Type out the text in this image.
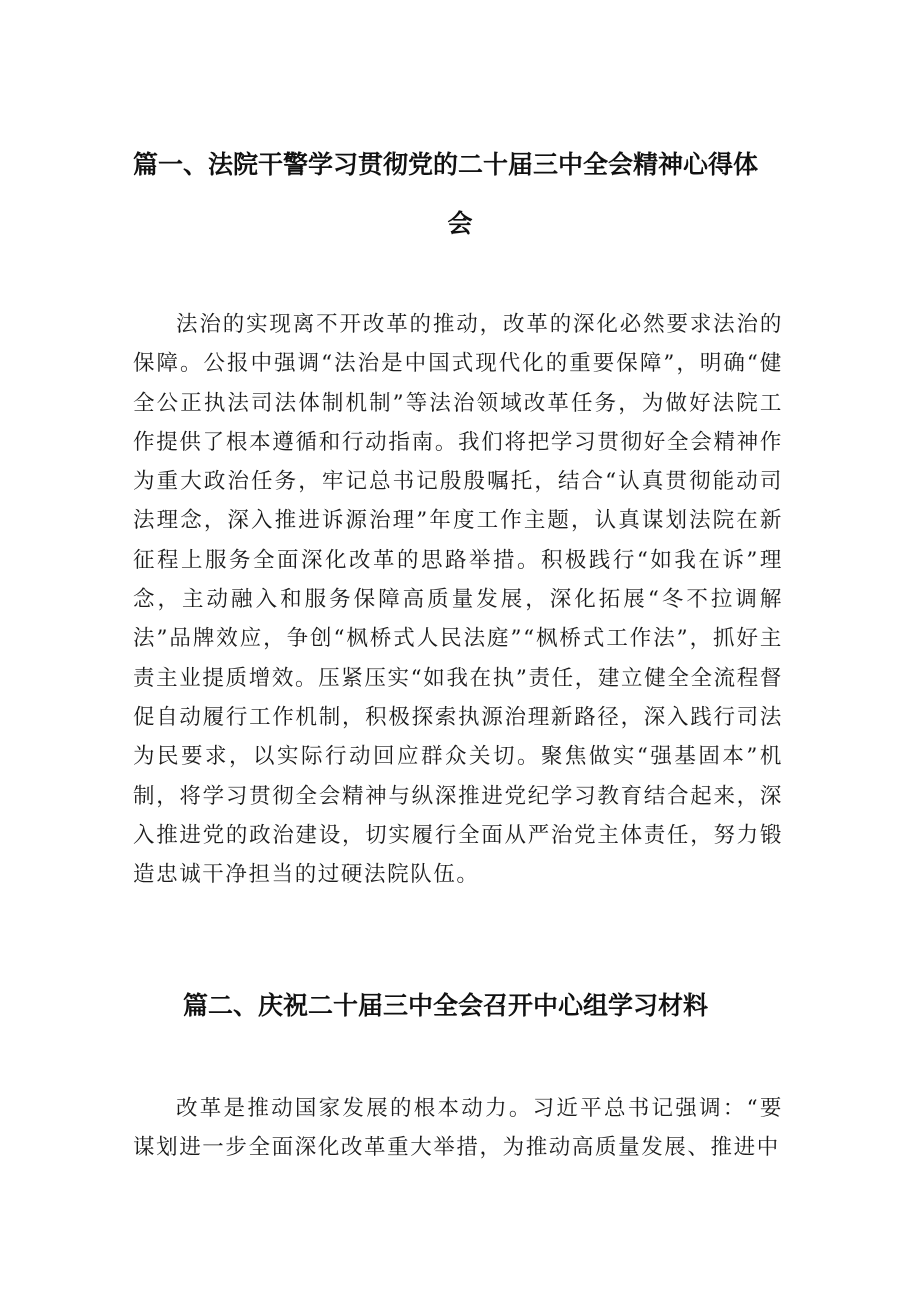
篇一、法院干警学习贯彻党的二十届三中全会精神心得体
会

法治的实现离不开改革的推动，改革的深化必然要求法治的保障。公报中强调“法治是中国式现代化的重要保障”，明确“健全公正执法司法体制机制”等法治领域改革任务，为做好法院工作提供了根本遵循和行动指南。我们将把学习贯彻好全会精神作为重大政治任务，牢记总书记殷殷嘱托，结合“认真贯彻能动司法理念，深入推进诉源治理”年度工作主题，认真谋划法院在新征程上服务全面深化改革的思路举措。积极践行“如我在诉”理念，主动融入和服务保障高质量发展，深化拓展“冬不拉调解法”品牌效应，争创“枫桥式人民法庭”“枫桥式工作法”，抓好主责主业提质增效。压紧压实“如我在执”责任，建立健全全流程督促自动履行工作机制，积极探索执源治理新路径，深入践行司法为民要求，以实际行动回应群众关切。聚焦做实“强基固本”机制，将学习贯彻全会精神与纵深推进党纪学习教育结合起来，深入推进党的政治建设，切实履行全面从严治党主体责任，努力锻造忠诚干净担当的过硬法院队伍。

篇二、庆祝二十届三中全会召开中心组学习材料

改革是推动国家发展的根本动力。习近平总书记强调：“要谋划进一步全面深化改革重大举措，为推动高质量发展、推进中
